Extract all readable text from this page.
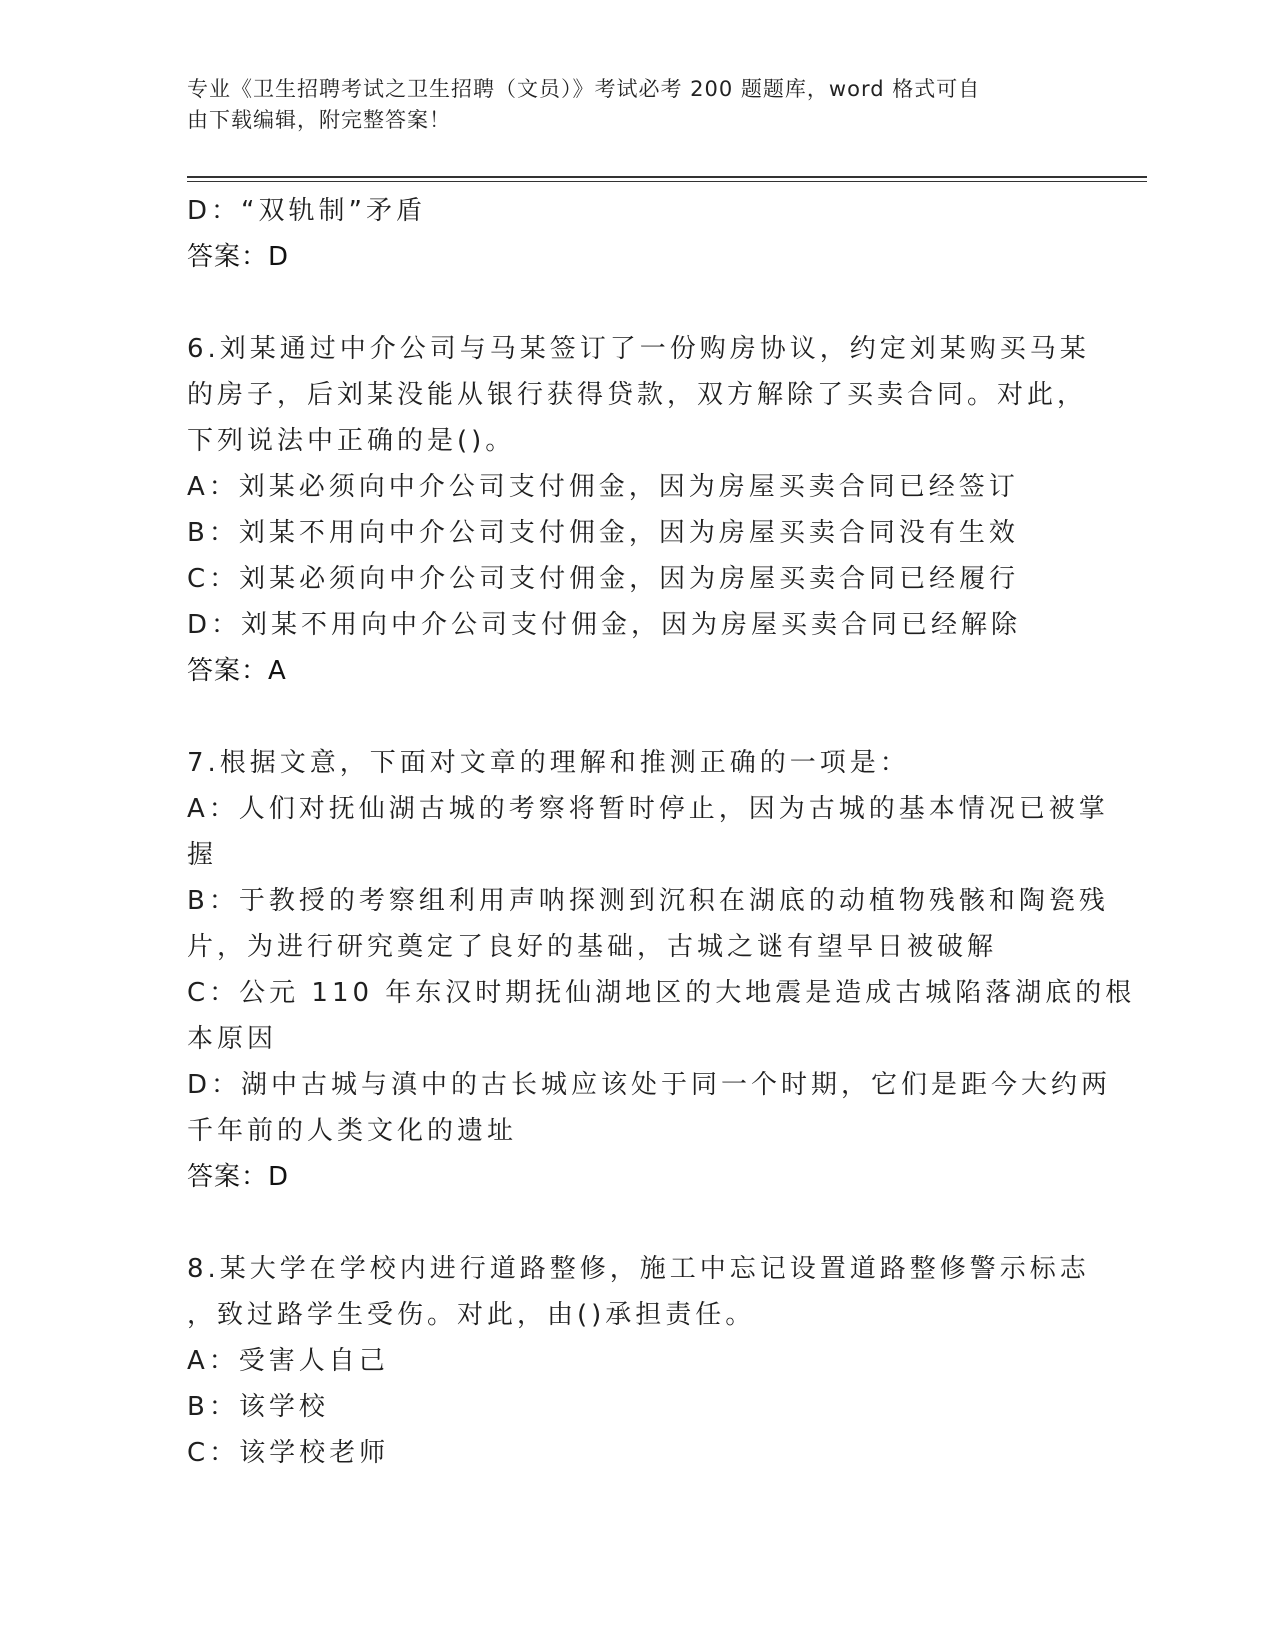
专业《卫生招聘考试之卫生招聘（文员）》考试必考 200 题题库，word 格式可自
由下载编辑，附完整答案！
D：“双轨制”矛盾
答案：D
6.刘某通过中介公司与马某签订了一份购房协议，约定刘某购买马某
的房子，后刘某没能从银行获得贷款，双方解除了买卖合同。对此，
下列说法中正确的是()。
A：刘某必须向中介公司支付佣金，因为房屋买卖合同已经签订
B：刘某不用向中介公司支付佣金，因为房屋买卖合同没有生效
C：刘某必须向中介公司支付佣金，因为房屋买卖合同已经履行
D：刘某不用向中介公司支付佣金，因为房屋买卖合同已经解除
答案：A
7.根据文意，下面对文章的理解和推测正确的一项是：
A：人们对抚仙湖古城的考察将暂时停止，因为古城的基本情况已被掌
握
B：于教授的考察组利用声呐探测到沉积在湖底的动植物残骸和陶瓷残
片，为进行研究奠定了良好的基础，古城之谜有望早日被破解
C：公元 110 年东汉时期抚仙湖地区的大地震是造成古城陷落湖底的根
本原因
D：湖中古城与滇中的古长城应该处于同一个时期，它们是距今大约两
千年前的人类文化的遗址
答案：D
8.某大学在学校内进行道路整修，施工中忘记设置道路整修警示标志
，致过路学生受伤。对此，由()承担责任。
A：受害人自己
B：该学校
C：该学校老师
